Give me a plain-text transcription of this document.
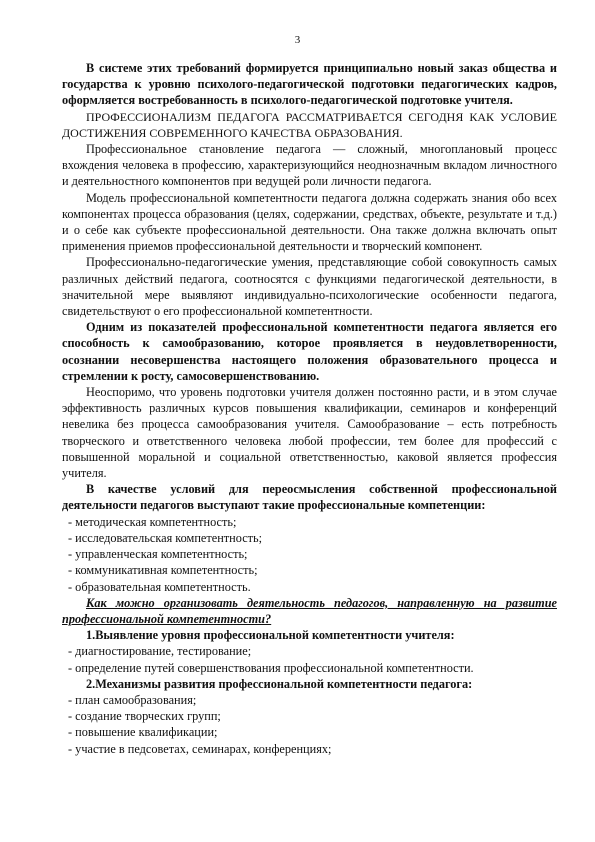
3

В системе этих требований формируется принципиально новый заказ общества и государства к уровню психолого-педагогической подготовки педагогических кадров, оформляется востребованность в психолого-педагогической подготовке учителя.

ПРОФЕССИОНАЛИЗМ ПЕДАГОГА РАССМАТРИВАЕТСЯ СЕГОДНЯ КАК УСЛОВИЕ ДОСТИЖЕНИЯ СОВРЕМЕННОГО КАЧЕСТВА ОБРАЗОВАНИЯ.

Профессиональное становление педагога — сложный, многоплановый процесс вхождения человека в профессию, характеризующийся неоднозначным вкладом личностного и деятельностного компонентов при ведущей роли личности педагога.

Модель профессиональной компетентности педагога должна содержать знания обо всех компонентах процесса образования (целях, содержании, средствах, объекте, результате и т.д.) и о себе как субъекте профессиональной деятельности. Она также должна включать опыт применения приемов профессиональной деятельности и творческий компонент.

Профессионально-педагогические умения, представляющие собой совокупность самых различных действий педагога, соотносятся с функциями педагогической деятельности, в значительной мере выявляют индивидуально-психологические особенности педагога, свидетельствуют о его профессиональной компетентности.

Одним из показателей профессиональной компетентности педагога является его способность к самообразованию, которое проявляется в неудовлетворенности, осознании несовершенства настоящего положения образовательного процесса и стремлении к росту, самосовершенствованию.

Неоспоримо, что уровень подготовки учителя должен постоянно расти, и в этом случае эффективность различных курсов повышения квалификации, семинаров и конференций невелика без процесса самообразования учителя. Самообразование – есть потребность творческого и ответственного человека любой профессии, тем более для профессий с повышенной моральной и социальной ответственностью, каковой является профессия учителя.

В качестве условий для переосмысления собственной профессиональной деятельности педагогов выступают такие профессиональные компетенции:

- методическая компетентность;

- исследовательская компетентность;

- управленческая компетентность;

- коммуникативная компетентность;

- образовательная компетентность.

Как можно организовать деятельность педагогов, направленную на развитие профессиональной компетентности?

1.Выявление уровня профессиональной компетентности учителя:

- диагностирование, тестирование;

- определение путей совершенствования профессиональной компетентности.

2.Механизмы развития профессиональной компетентности педагога:

- план самообразования;

- создание творческих групп;

- повышение квалификации;

- участие в педсоветах, семинарах, конференциях;
